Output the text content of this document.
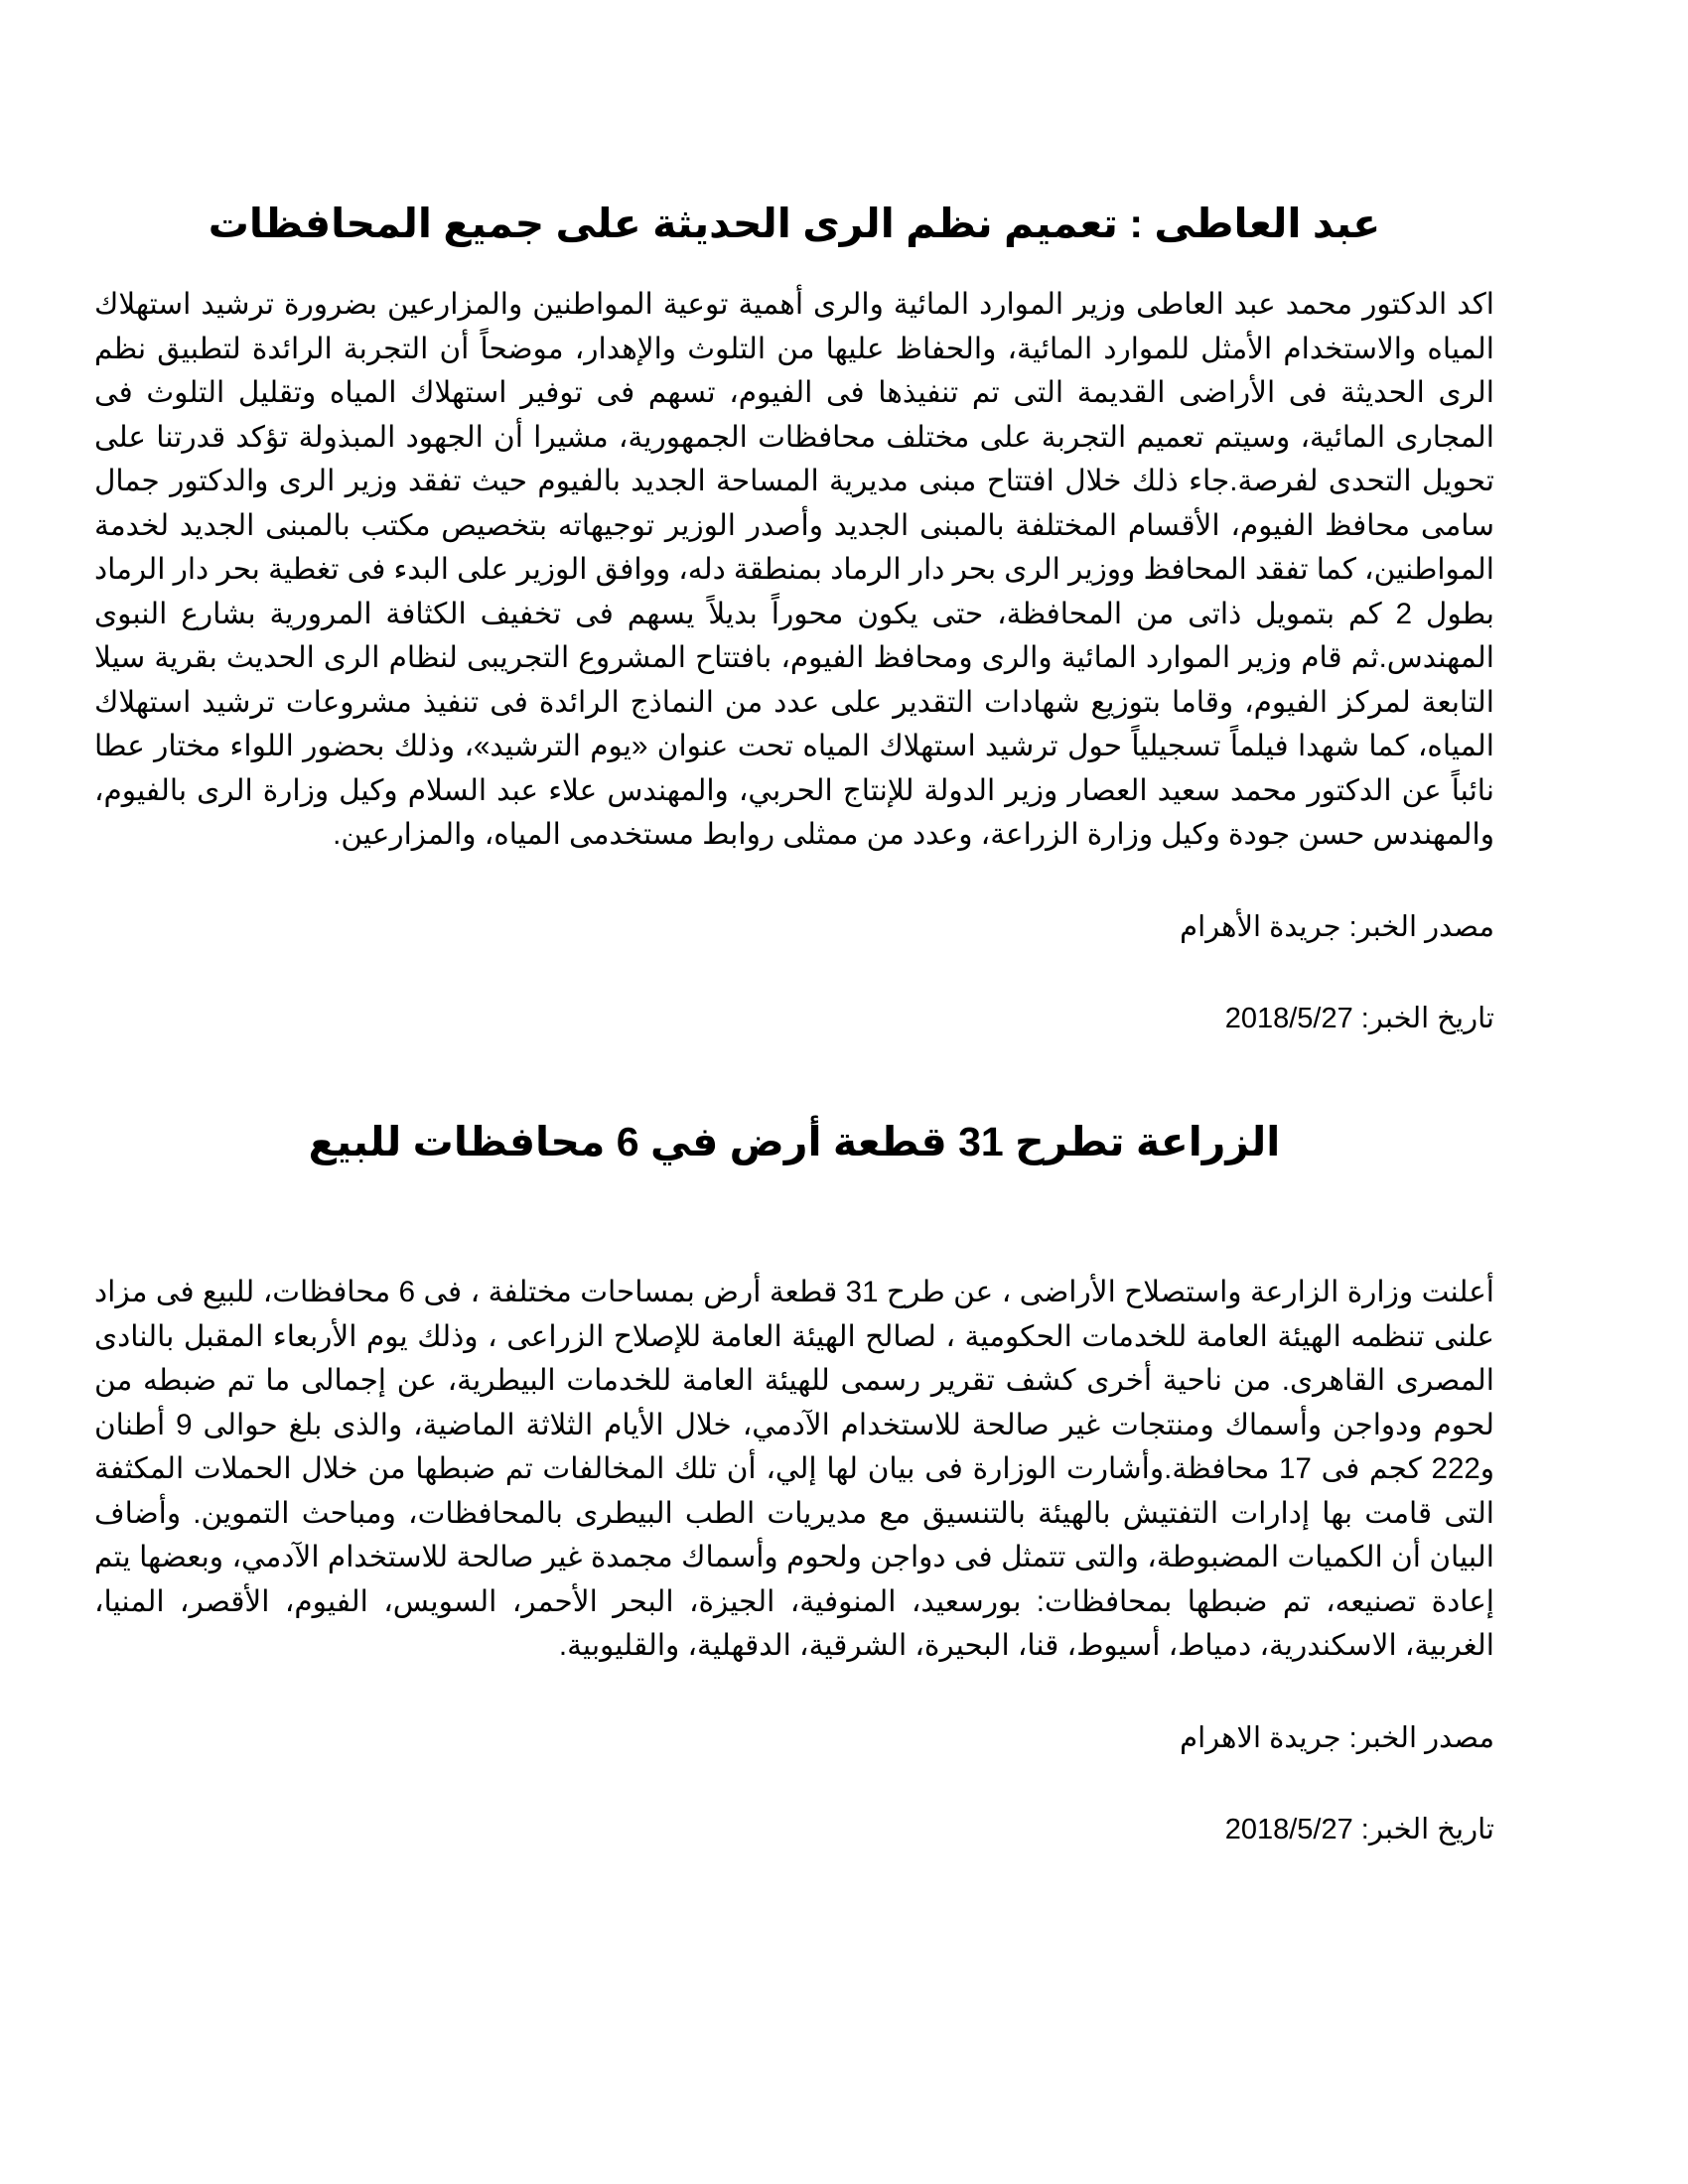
عبد العاطى : تعميم نظم الرى الحديثة على جميع المحافظات

اكد الدكتور محمد عبد العاطى وزير الموارد المائية والرى أهمية توعية المواطنين والمزارعين بضرورة ترشيد استهلاك المياه والاستخدام الأمثل للموارد المائية، والحفاظ عليها من التلوث والإهدار، موضحاً أن التجربة الرائدة لتطبيق نظم الرى الحديثة فى الأراضى القديمة التى تم تنفيذها فى الفيوم، تسهم فى توفير استهلاك المياه وتقليل التلوث فى المجارى المائية، وسيتم تعميم التجربة على مختلف محافظات الجمهورية، مشيرا أن الجهود المبذولة تؤكد قدرتنا على تحويل التحدى لفرصة.جاء ذلك خلال افتتاح مبنى مديرية المساحة الجديد بالفيوم حيث تفقد وزير الرى والدكتور جمال سامى محافظ الفيوم، الأقسام المختلفة بالمبنى الجديد وأصدر الوزير توجيهاته بتخصيص مكتب بالمبنى الجديد لخدمة المواطنين، كما تفقد المحافظ ووزير الرى بحر دار الرماد بمنطقة دله، ووافق الوزير على البدء فى تغطية بحر دار الرماد بطول 2 كم بتمويل ذاتى من المحافظة، حتى يكون محوراً بديلاً يسهم فى تخفيف الكثافة المرورية بشارع النبوى المهندس.ثم قام وزير الموارد المائية والرى ومحافظ الفيوم، بافتتاح المشروع التجريبى لنظام الرى الحديث بقرية سيلا التابعة لمركز الفيوم، وقاما بتوزيع شهادات التقدير على عدد من النماذج الرائدة فى تنفيذ مشروعات ترشيد استهلاك المياه، كما شهدا فيلماً تسجيلياً حول ترشيد استهلاك المياه تحت عنوان «يوم الترشيد»، وذلك بحضور اللواء مختار عطا نائباً عن الدكتور محمد سعيد العصار وزير الدولة للإنتاج الحربي، والمهندس علاء عبد السلام وكيل وزارة الرى بالفيوم، والمهندس حسن جودة وكيل وزارة الزراعة، وعدد من ممثلى روابط مستخدمى المياه، والمزارعين.

مصدر الخبر: جريدة الأهرام

تاريخ الخبر: 2018/5/27

الزراعة تطرح 31 قطعة أرض في 6 محافظات للبيع

أعلنت وزارة الزارعة واستصلاح الأراضى ، عن طرح 31 قطعة أرض بمساحات مختلفة ، فى 6 محافظات، للبيع فى مزاد علنى تنظمه الهيئة العامة للخدمات الحكومية ، لصالح الهيئة العامة للإصلاح الزراعى ، وذلك يوم الأربعاء المقبل بالنادى المصرى القاهرى. من ناحية أخرى كشف تقرير رسمى للهيئة العامة للخدمات البيطرية، عن إجمالى ما تم ضبطه من لحوم ودواجن وأسماك ومنتجات غير صالحة للاستخدام الآدمي، خلال الأيام الثلاثة الماضية، والذى بلغ حوالى 9 أطنان و222 كجم فى 17 محافظة.وأشارت الوزارة فى بيان لها إلي، أن تلك المخالفات تم ضبطها من خلال الحملات المكثفة التى قامت بها إدارات التفتيش بالهيئة بالتنسيق مع مديريات الطب البيطرى بالمحافظات، ومباحث التموين. وأضاف البيان أن الكميات المضبوطة، والتى تتمثل فى دواجن ولحوم وأسماك مجمدة غير صالحة للاستخدام الآدمي، وبعضها يتم إعادة تصنيعه، تم ضبطها بمحافظات: بورسعيد، المنوفية، الجيزة، البحر الأحمر، السويس، الفيوم، الأقصر، المنيا، الغربية، الاسكندرية، دمياط، أسيوط، قنا، البحيرة، الشرقية، الدقهلية، والقليوبية.

مصدر الخبر: جريدة الاهرام

تاريخ الخبر: 2018/5/27
